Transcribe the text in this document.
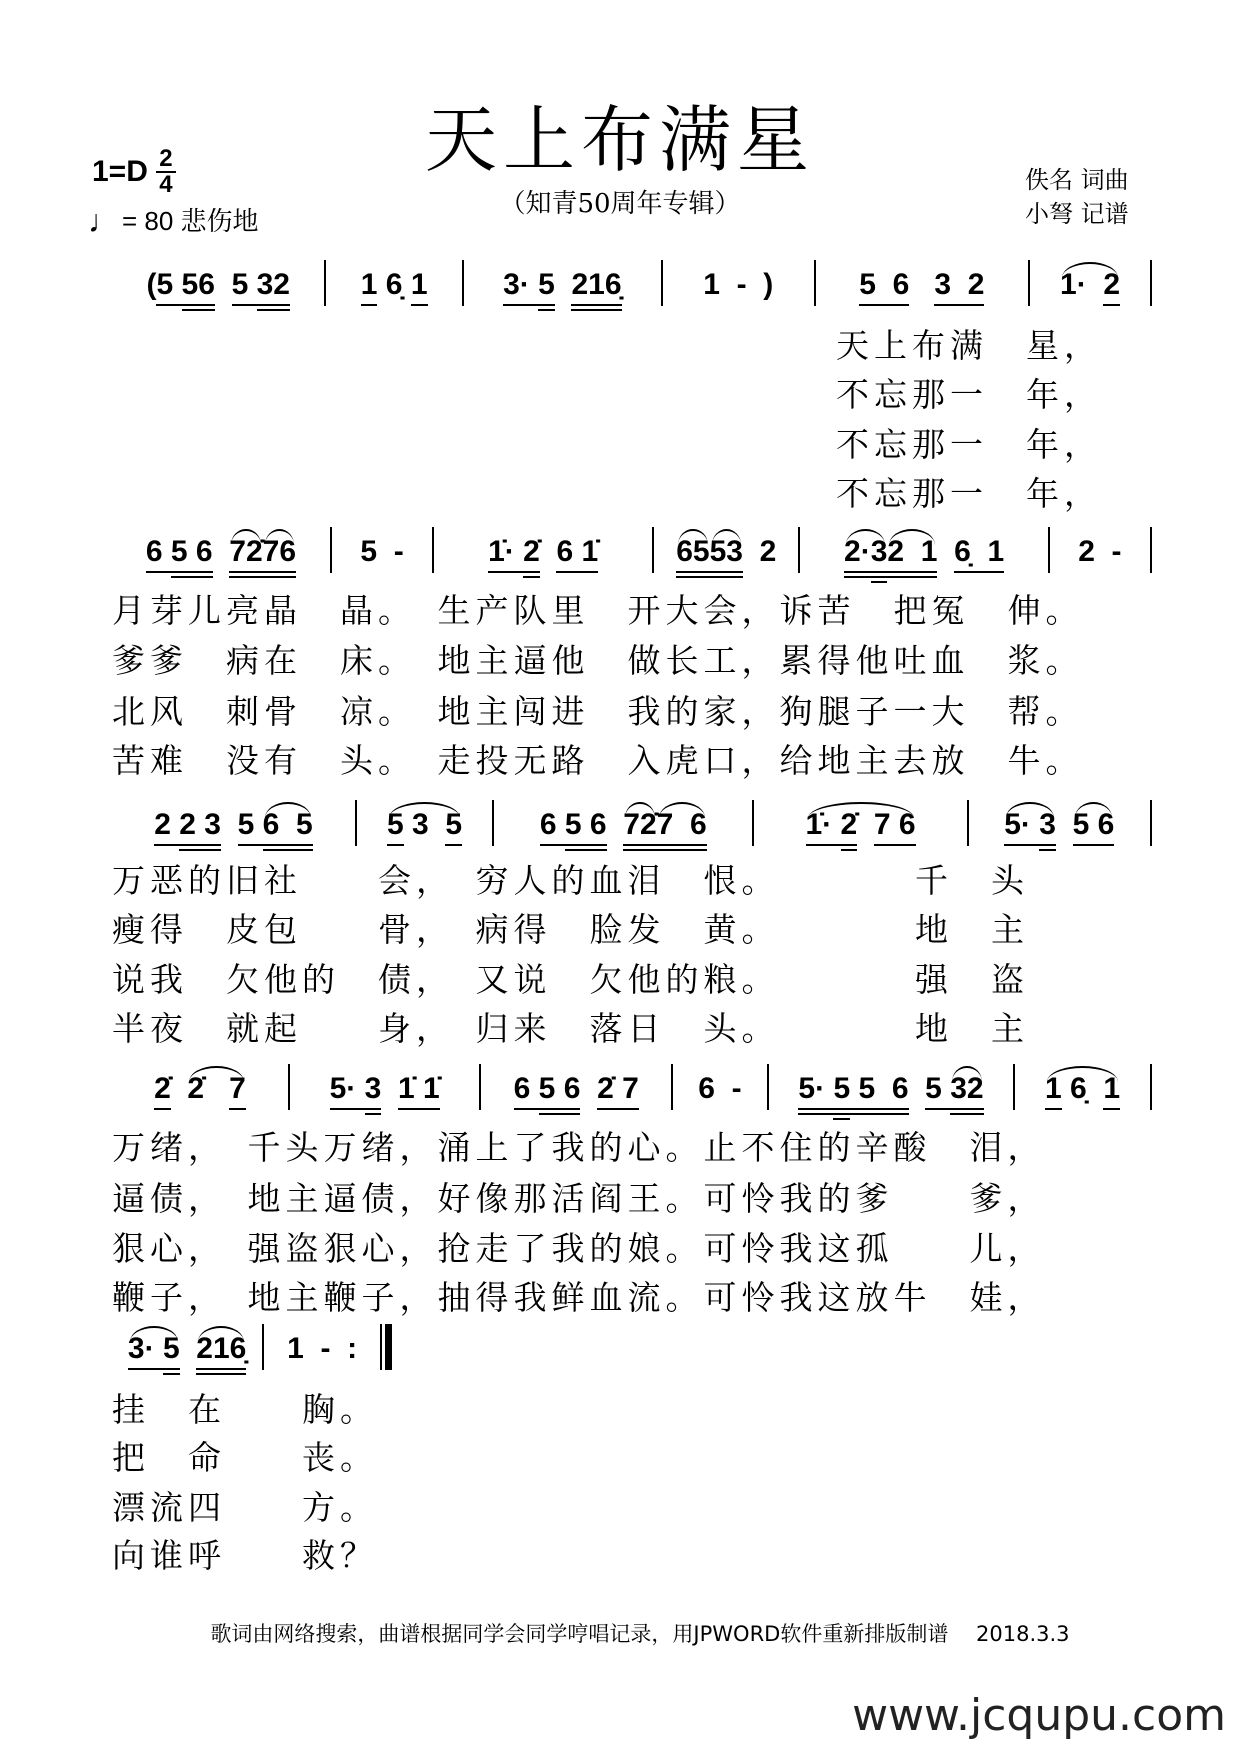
天上布满星
（知青50周年专辑）
$1=D \frac{2}{4}$
♩ = 80 悲伤地
佚名 词曲
小弩 记谱
( 5 56
5 32 1 6̣ 1	3· 5
216̣	1  -  )	5  6
3  2	1·
2
天上布满　星，
不忘那一　年，
不忘那一　年，
不忘那一　年，
6 5 6
7 2̇ 7 6 5  -	1̇· 2̇
6 1̇	6 5 5 3
2 2· 3 2
1
6̣  1 2  -
月芽儿亮晶　晶。　生产队里　开大会，诉苦　把冤　伸。
爹爹　病在　床。　地主逼他　做长工，累得他吐血　浆。
北风　刺骨　凉。　地主闯进　我的家，狗腿子一大　帮。
苦难　没有　头。　走投无路　入虎口，给地主去放　牛。
2 2 3
5 6
5 5 3 5	6 5 6
7 2̇ 7
6	1̇· 2̇
7 6	5· 3
5
6
万恶的旧社　　会，　穷人的血泪　恨。　　　　千　头
瘦得　皮包　　骨，　病得　脸发　黄。　　　　地　主
说我　欠他的　债，　又说　欠他的粮。　　　　强　盗
半夜　就起　　身，　归来　落日　头。　　　　地　主
2̇
2̇
7	5· 3
1̇ 1̇ 6 5 6
2̇ 7 6  - 5· 5 5  6
5 3 2 1 6̣ 1
万绪，　千头万绪，涌上了我的心。止不住的辛酸　泪，
逼债，　地主逼债，好像那活阎王。可怜我的爹　　爹，
狠心，　强盗狠心，抢走了我的娘。可怜我这孤　　儿，
鞭子，　地主鞭子，抽得我鲜血流。可怜我这放牛　娃，
3· 5
216̣ 1  -  :
挂　在　　胸。
把　命　　丧。
漂流四　　方。
向谁呼　　救？
歌词由网络搜索，曲谱根据同学会同学哼唱记录，用JPWORD软件重新排版制谱　 2018.3.3
www.jcqupu.com
